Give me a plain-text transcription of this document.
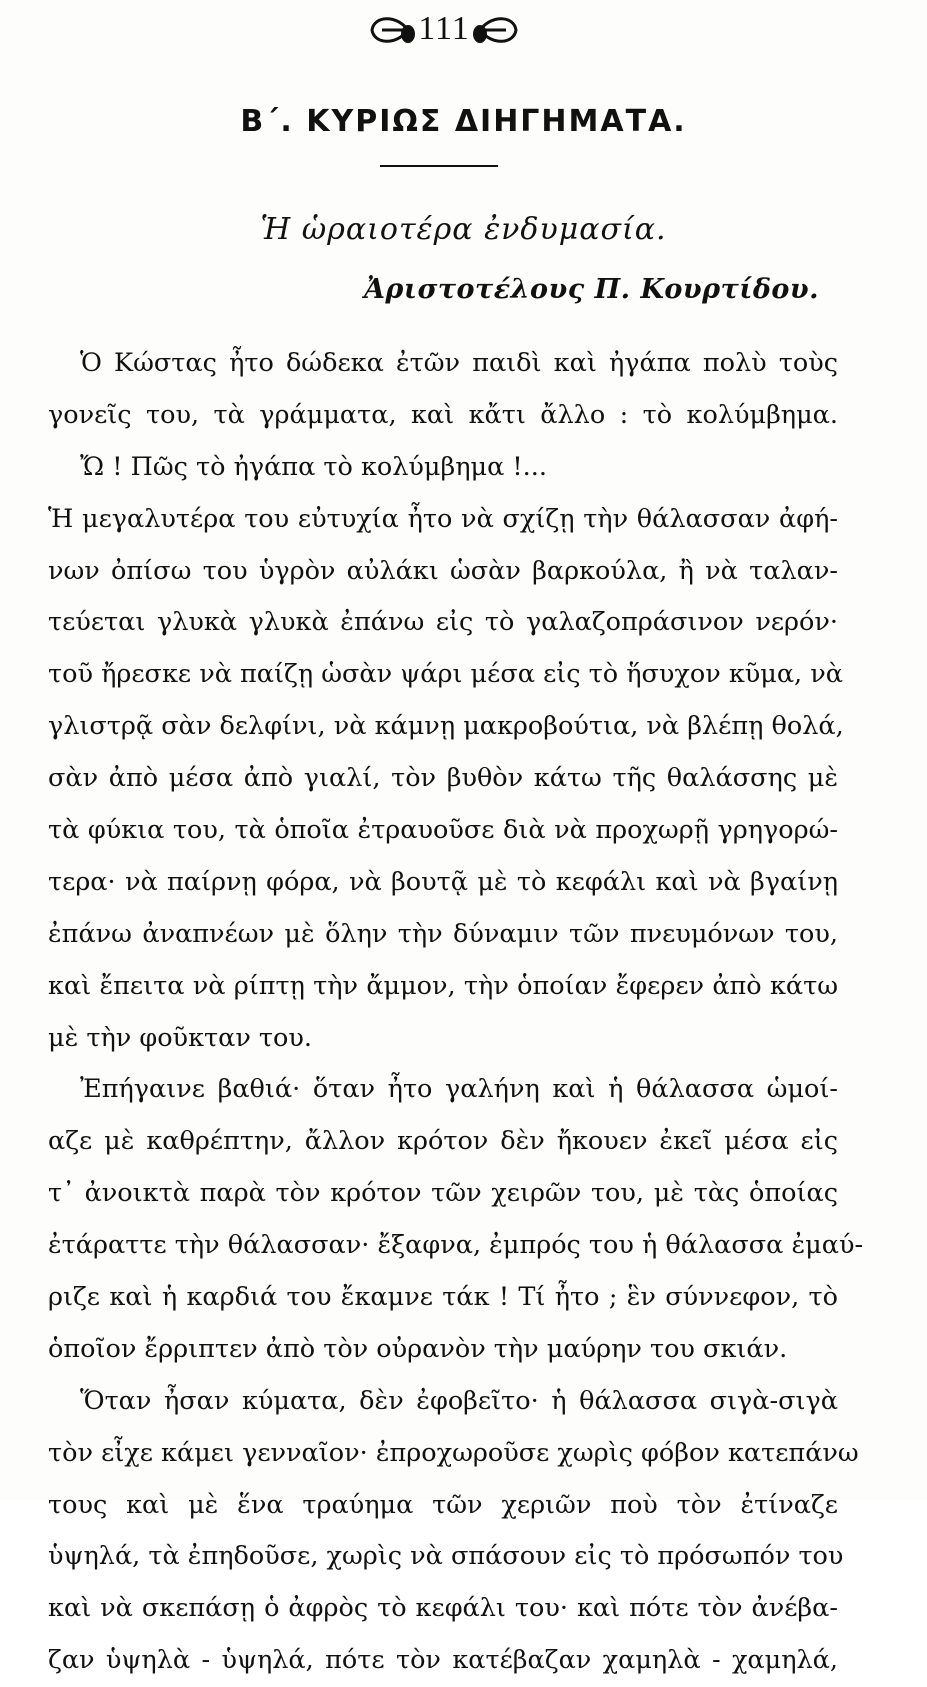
111
Β΄. ΚΥΡΙΩΣ ΔΙΗΓΗΜΑΤΑ.
Ἡ ὡραιοτέρα ἐνδυμασία.
Ἀριστοτέλους Π. Κουρτίδου.
Ὁ Κώστας ἦτο δώδεκα ἐτῶν παιδὶ καὶ ἠγάπα πολὺ τοὺς
γονεῖς του, τὰ γράμματα, καὶ κἄτι ἄλλο : τὸ κολύμβημα.
Ὤ ! Πῶς τὸ ἠγάπα τὸ κολύμβημα !...
Ἡ μεγαλυτέρα του εὐτυχία ἦτο νὰ σχίζῃ τὴν θάλασσαν ἀφή-
νων ὀπίσω του ὑγρὸν αὐλάκι ὡσὰν βαρκούλα, ἢ νὰ ταλαν-
τεύεται γλυκὰ γλυκὰ ἐπάνω εἰς τὸ γαλαζοπράσινον νερόν·
τοῦ ἤρεσκε νὰ παίζῃ ὡσὰν ψάρι μέσα εἰς τὸ ἥσυχον κῦμα, νὰ
γλιστρᾷ σὰν δελφίνι, νὰ κάμνῃ μακροβούτια, νὰ βλέπῃ θολά,
σὰν ἀπὸ μέσα ἀπὸ γιαλί, τὸν βυθὸν κάτω τῆς θαλάσσης μὲ
τὰ φύκια του, τὰ ὁποῖα ἐτραυοῦσε διὰ νὰ προχωρῇ γρηγορώ-
τερα· νὰ παίρνῃ φόρα, νὰ βουτᾷ μὲ τὸ κεφάλι καὶ νὰ βγαίνῃ
ἐπάνω ἀναπνέων μὲ ὅλην τὴν δύναμιν τῶν πνευμόνων του,
καὶ ἔπειτα νὰ ρίπτῃ τὴν ἄμμον, τὴν ὁποίαν ἔφερεν ἀπὸ κάτω
μὲ τὴν φοῦκταν του.
Ἐπήγαινε βαθιά· ὅταν ἦτο γαλήνη καὶ ἡ θάλασσα ὡμοί-
αζε μὲ καθρέπτην, ἄλλον κρότον δὲν ἤκουεν ἐκεῖ μέσα εἰς
τ᾿ ἀνοικτὰ παρὰ τὸν κρότον τῶν χειρῶν του, μὲ τὰς ὁποίας
ἐτάραττε τὴν θάλασσαν· ἔξαφνα, ἐμπρός του ἡ θάλασσα ἐμαύ-
ριζε καὶ ἡ καρδιά του ἔκαμνε τάκ ! Τί ἦτο ; ἓν σύννεφον, τὸ
ὁποῖον ἔρριπτεν ἀπὸ τὸν οὐρανὸν τὴν μαύρην του σκιάν.
Ὅταν ἦσαν κύματα, δὲν ἐφοβεῖτο· ἡ θάλασσα σιγὰ-σιγὰ
τὸν εἶχε κάμει γενναῖον· ἐπροχωροῦσε χωρὶς φόβον κατεπάνω
τους καὶ μὲ ἕνα τραύημα τῶν χεριῶν ποὺ τὸν ἐτίναζε
ὑψηλά, τὰ ἐπηδοῦσε, χωρὶς νὰ σπάσουν εἰς τὸ πρόσωπόν του
καὶ νὰ σκεπάσῃ ὁ ἀφρὸς τὸ κεφάλι του· καὶ πότε τὸν ἀνέβα-
ζαν ὑψηλὰ - ὑψηλά, πότε τὸν κατέβαζαν χαμηλὰ - χαμηλά,
